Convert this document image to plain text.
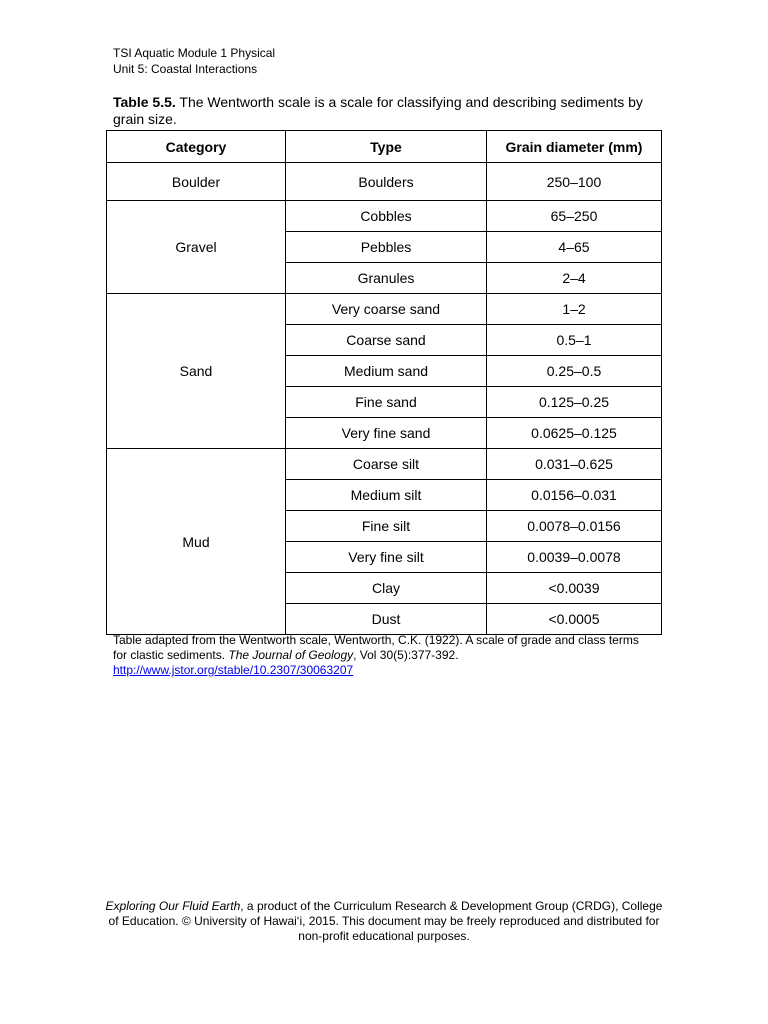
TSI Aquatic Module 1 Physical
Unit 5: Coastal Interactions
Table 5.5. The Wentworth scale is a scale for classifying and describing sediments by grain size.
Category	Type	Grain diameter (mm)
Boulder	Boulders	250–100
Gravel	Cobbles	65–250
	Pebbles	4–65
	Granules	2–4
Sand	Very coarse sand	1–2
	Coarse sand	0.5–1
	Medium sand	0.25–0.5
	Fine sand	0.125–0.25
	Very fine sand	0.0625–0.125
Mud	Coarse silt	0.031–0.625
	Medium silt	0.0156–0.031
	Fine silt	0.0078–0.0156
	Very fine silt	0.0039–0.0078
	Clay	<0.0039
	Dust	<0.0005
Table adapted from the Wentworth scale, Wentworth, C.K. (1922). A scale of grade and class terms for clastic sediments. The Journal of Geology, Vol 30(5):377-392.
http://www.jstor.org/stable/10.2307/30063207
Exploring Our Fluid Earth, a product of the Curriculum Research & Development Group (CRDG), College of Education. © University of Hawai‘i, 2015. This document may be freely reproduced and distributed for non-profit educational purposes.
